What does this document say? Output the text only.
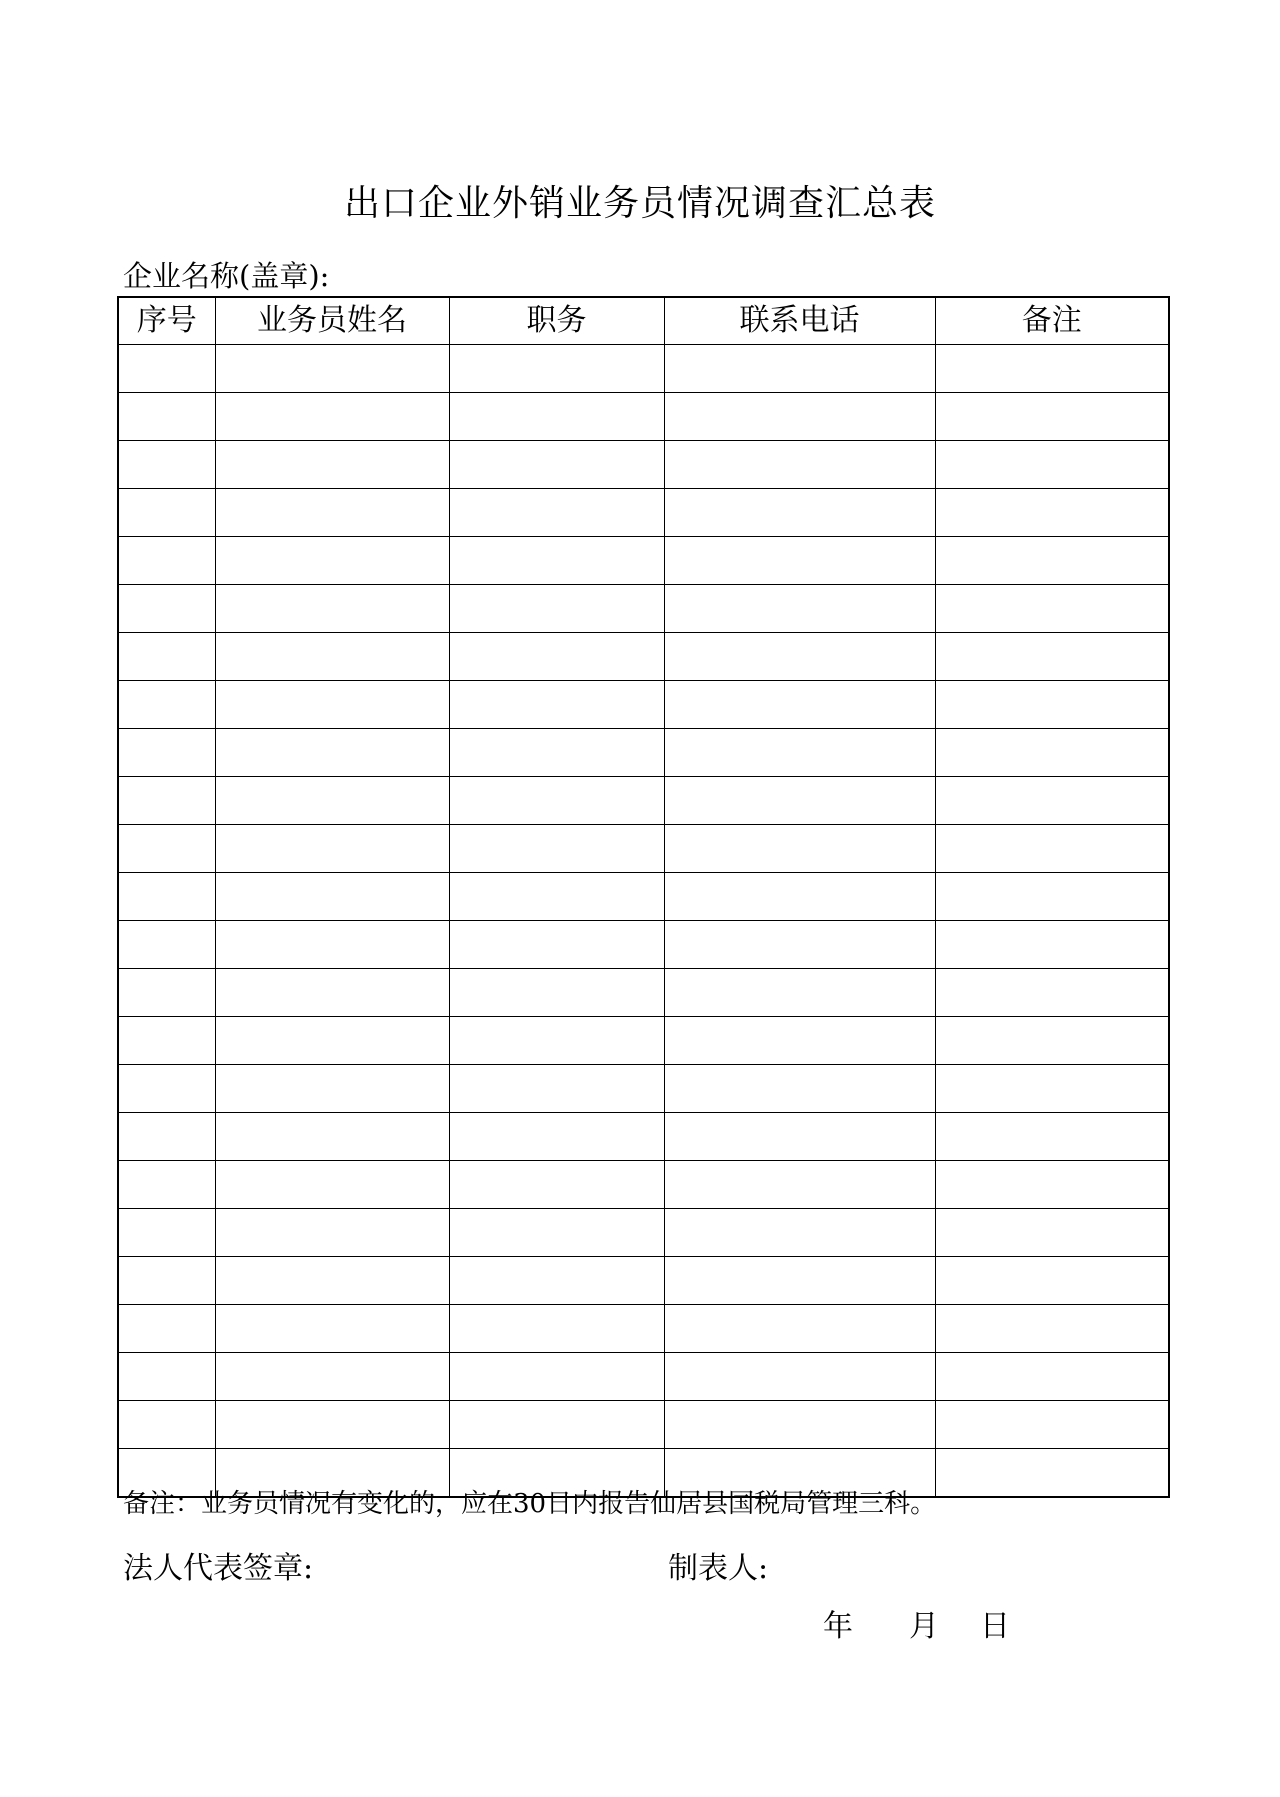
出口企业外销业务员情况调查汇总表
企业名称(盖章):
序号	业务员姓名	职务	联系电话	备注

备注：业务员情况有变化的，应在30日内报告仙居县国税局管理三科。
法人代表签章:	制表人:
年 月 日
